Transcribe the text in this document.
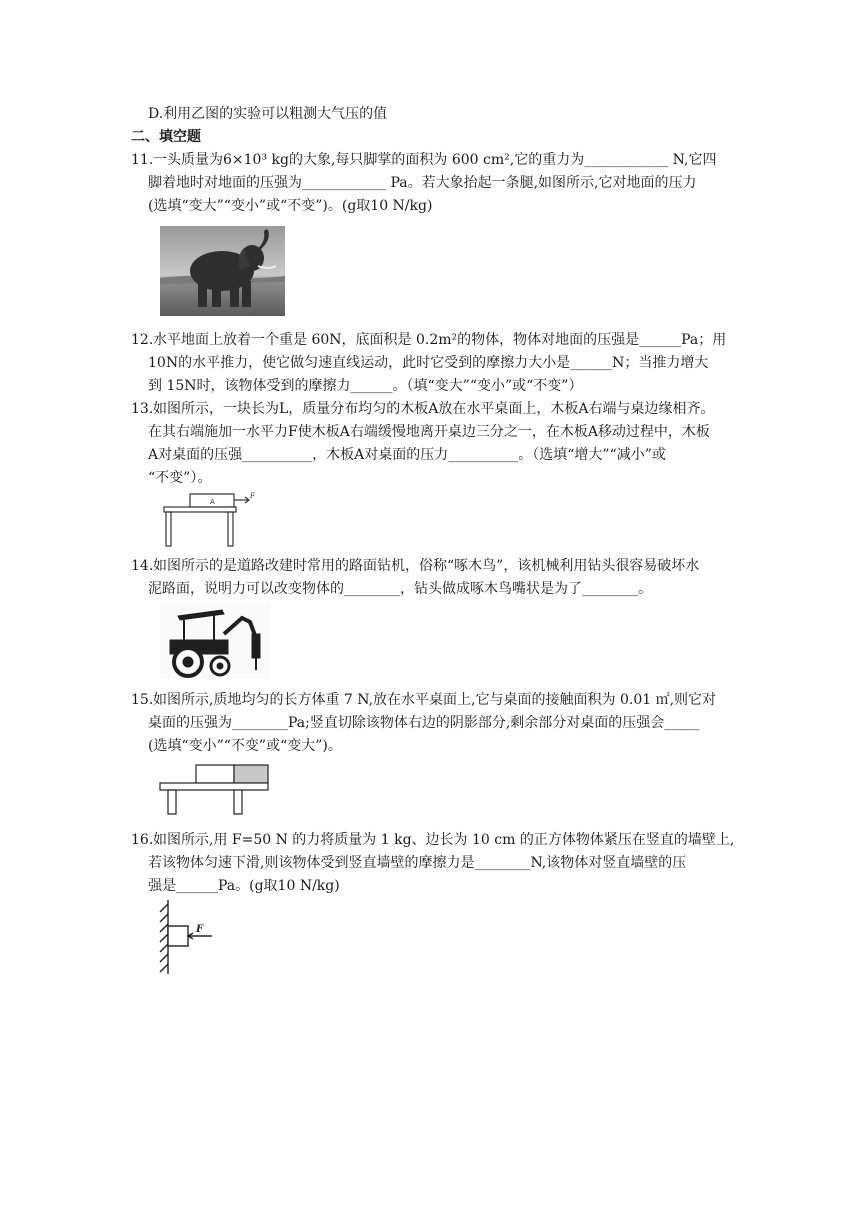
D.利用乙图的实验可以粗测大气压的值
二、填空题
11. 一头质量为6×10³ kg的大象,每只脚掌的面积为 600 cm²,它的重力为____________ N,它四
脚着地时对地面的压强为____________ Pa。若大象抬起一条腿,如图所示,它对地面的压力
(选填“变大”“变小”或“不变”)。(g取10 N/kg)
12. 水平地面上放着一个重是 60N，底面积是 0.2m²的物体，物体对地面的压强是______Pa；用
10N的水平推力，使它做匀速直线运动，此时它受到的摩擦力大小是______N；当推力增大
到 15N时，该物体受到的摩擦力______。（填“变大”“变小”或“不变”）
13. 如图所示，一块长为L，质量分布均匀的木板A放在水平桌面上，木板A右端与桌边缘相齐。
在其右端施加一水平力F使木板A右端缓慢地离开桌边三分之一，在木板A移动过程中，木板
A对桌面的压强__________，木板A对桌面的压力__________。（选填“增大”“减小”或
“不变”）。
A
F
14. 如图所示的是道路改建时常用的路面钻机，俗称“啄木鸟”，该机械利用钻头很容易破坏水
泥路面，说明力可以改变物体的________，钻头做成啄木鸟嘴状是为了________。
15. 如图所示,质地均匀的长方体重 7 N,放在水平桌面上,它与桌面的接触面积为 0.01 ㎡,则它对
桌面的压强为________Pa;竖直切除该物体右边的阴影部分,剩余部分对桌面的压强会_____
(选填“变小”“不变”或“变大”)。
16. 如图所示,用 F=50 N 的力将质量为 1 kg、边长为 10 cm 的正方体物体紧压在竖直的墙壁上,
若该物体匀速下滑,则该物体受到竖直墙壁的摩擦力是________N,该物体对竖直墙壁的压
强是______Pa。(g取10 N/kg)
F
